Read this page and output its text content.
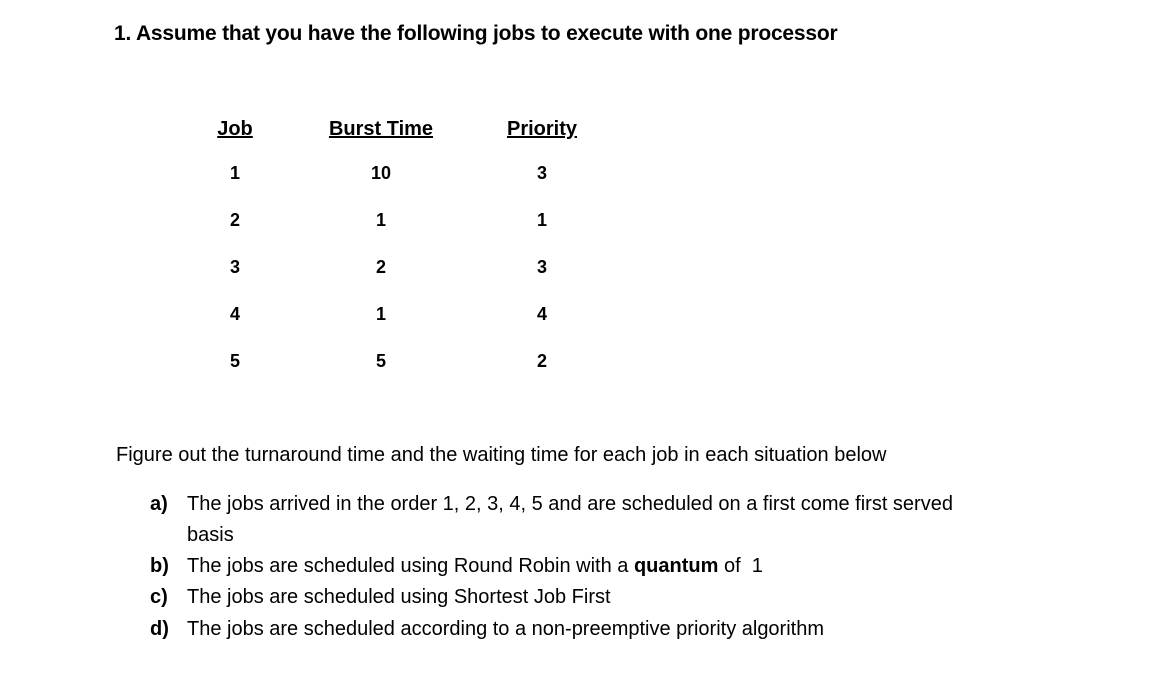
1. Assume that you have the following jobs to execute with one processor
Job
1
2
3
4
5
Burst Time
10
1
2
1
5
Priority
3
1
3
4
2
Figure out the turnaround time and the waiting time for each job in each situation below
a) The jobs arrived in the order 1, 2, 3, 4, 5 and are scheduled on a first come first served
basis
b) The jobs are scheduled using Round Robin with a quantum of  1
c) The jobs are scheduled using Shortest Job First
d) The jobs are scheduled according to a non-preemptive priority algorithm
